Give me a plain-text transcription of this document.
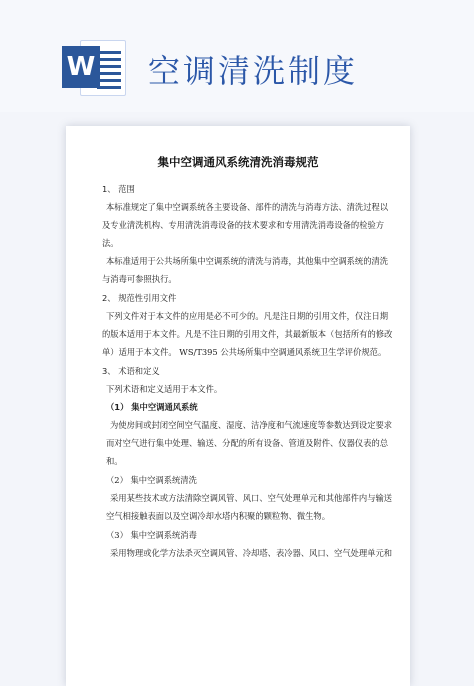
W 空调清洗制度
集中空调通风系统清洗消毒规范
1、 范围
本标准规定了集中空调系统各主要设备、部件的清洗与消毒方法、清洗过程以
及专业清洗机构、专用清洗消毒设备的技术要求和专用清洗消毒设备的检验方
法。
本标准适用于公共场所集中空调系统的清洗与消毒，其他集中空调系统的清洗
与消毒可参照执行。
2、 规范性引用文件
下列文件对于本文件的应用是必不可少的。凡是注日期的引用文件，仅注日期
的版本适用于本文件。凡是不注日期的引用文件，其最新版本（包括所有的修改
单）适用于本文件。 WS/T395 公共场所集中空调通风系统卫生学评价规范。
3、 术语和定义
下列术语和定义适用于本文件。
（1） 集中空调通风系统
为使房间或封闭空间空气温度、湿度、洁净度和气流速度等参数达到设定要求
而对空气进行集中处理、输送、分配的所有设备、管道及附件、仪器仪表的总
和。
（2） 集中空调系统清洗
采用某些技术或方法清除空调风管、风口、空气处理单元和其他部件内与输送
空气相接触表面以及空调冷却水塔内积聚的颗粒物、微生物。
（3） 集中空调系统消毒
采用物理或化学方法杀灭空调风管、冷却塔、表冷器、风口、空气处理单元和
